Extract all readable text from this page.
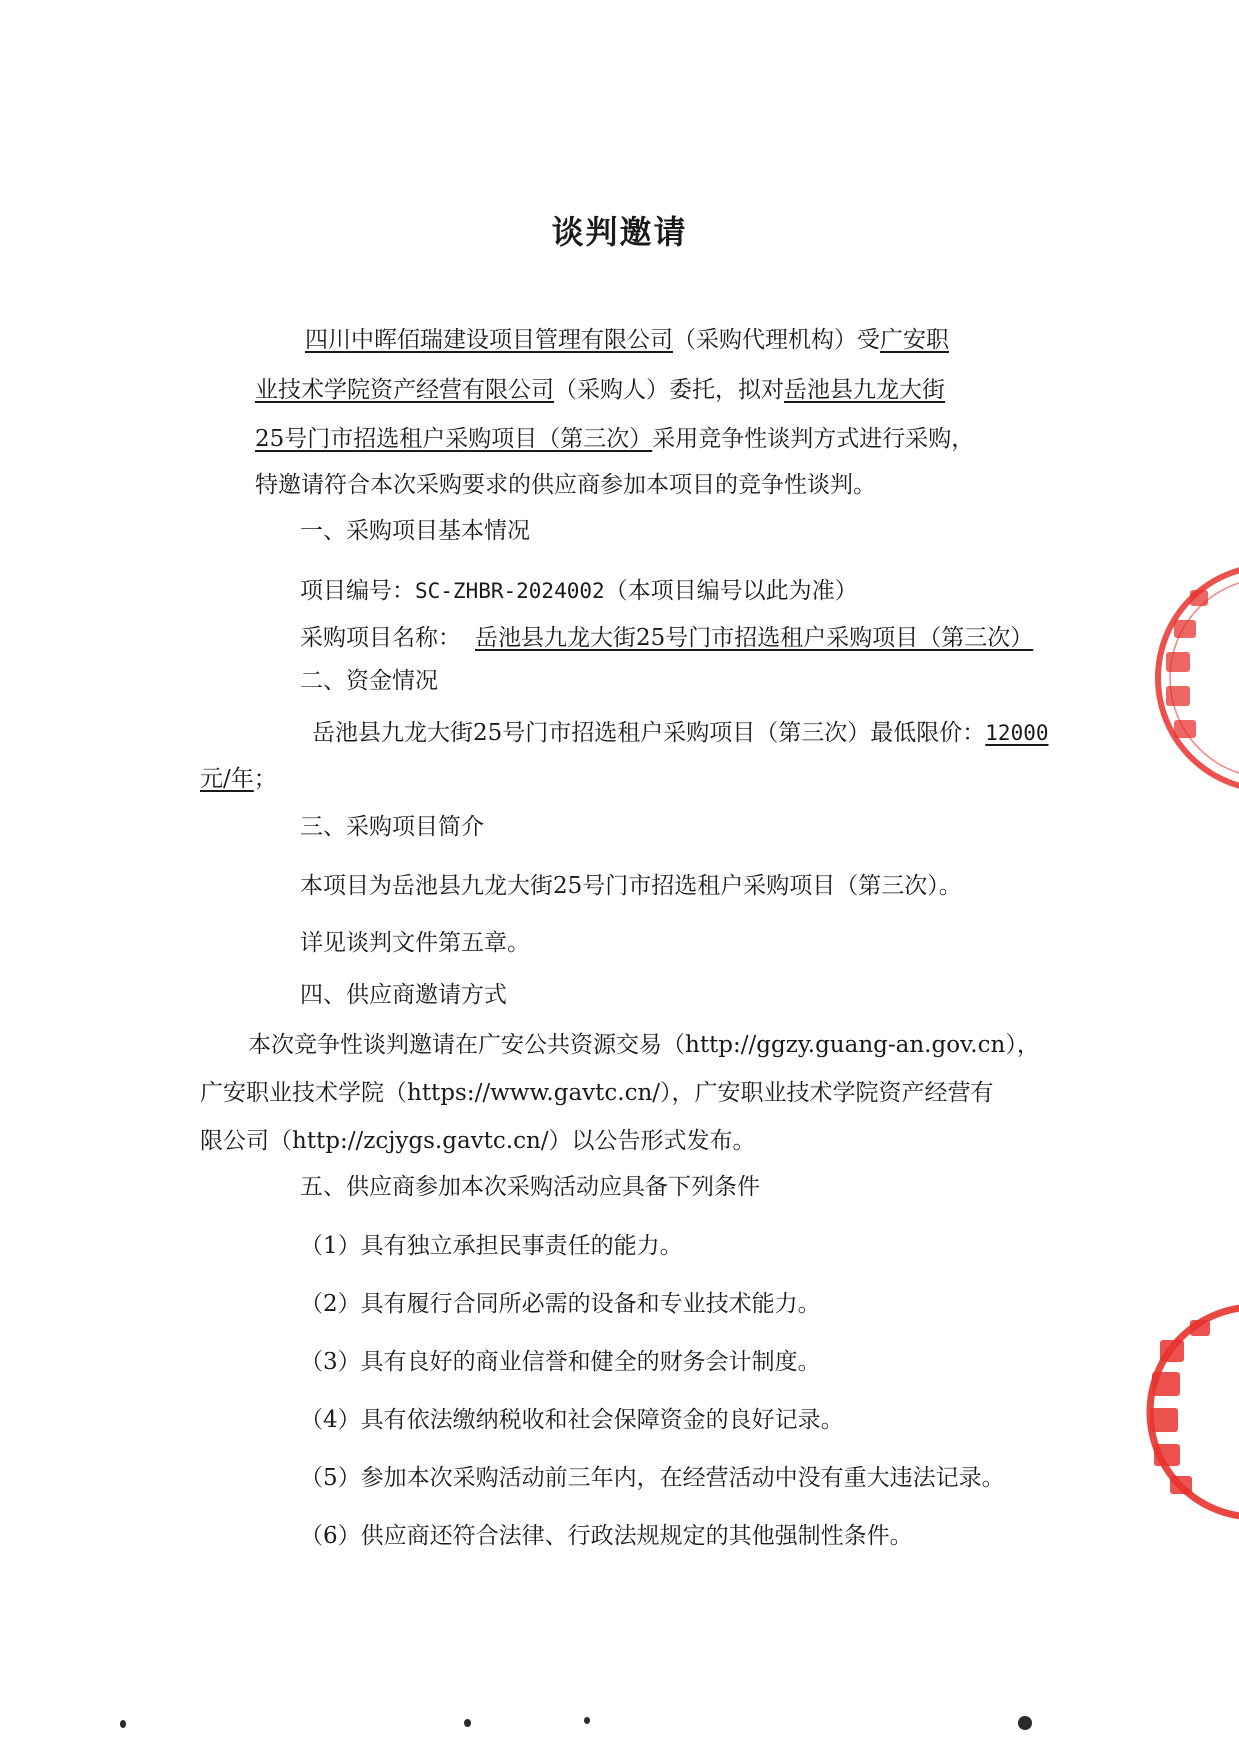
谈判邀请
四川中晖佰瑞建设项目管理有限公司（采购代理机构）受广安职
业技术学院资产经营有限公司（采购人）委托，拟对岳池县九龙大街
25号门市招选租户采购项目（第三次）采用竞争性谈判方式进行采购，
特邀请符合本次采购要求的供应商参加本项目的竞争性谈判。
一、采购项目基本情况
项目编号：SC-ZHBR-2024002（本项目编号以此为准）
采购项目名称： 岳池县九龙大街25号门市招选租户采购项目（第三次）
二、资金情况
岳池县九龙大街25号门市招选租户采购项目（第三次）最低限价：12000
元/年；
三、采购项目简介
本项目为岳池县九龙大街25号门市招选租户采购项目（第三次）。
详见谈判文件第五章。
四、供应商邀请方式
本次竞争性谈判邀请在广安公共资源交易（http://ggzy.guang-an.gov.cn），
广安职业技术学院（https://www.gavtc.cn/），广安职业技术学院资产经营有
限公司（http://zcjygs.gavtc.cn/）以公告形式发布。
五、供应商参加本次采购活动应具备下列条件
（1）具有独立承担民事责任的能力。
（2）具有履行合同所必需的设备和专业技术能力。
（3）具有良好的商业信誉和健全的财务会计制度。
（4）具有依法缴纳税收和社会保障资金的良好记录。
（5）参加本次采购活动前三年内，在经营活动中没有重大违法记录。
（6）供应商还符合法律、行政法规规定的其他强制性条件。
